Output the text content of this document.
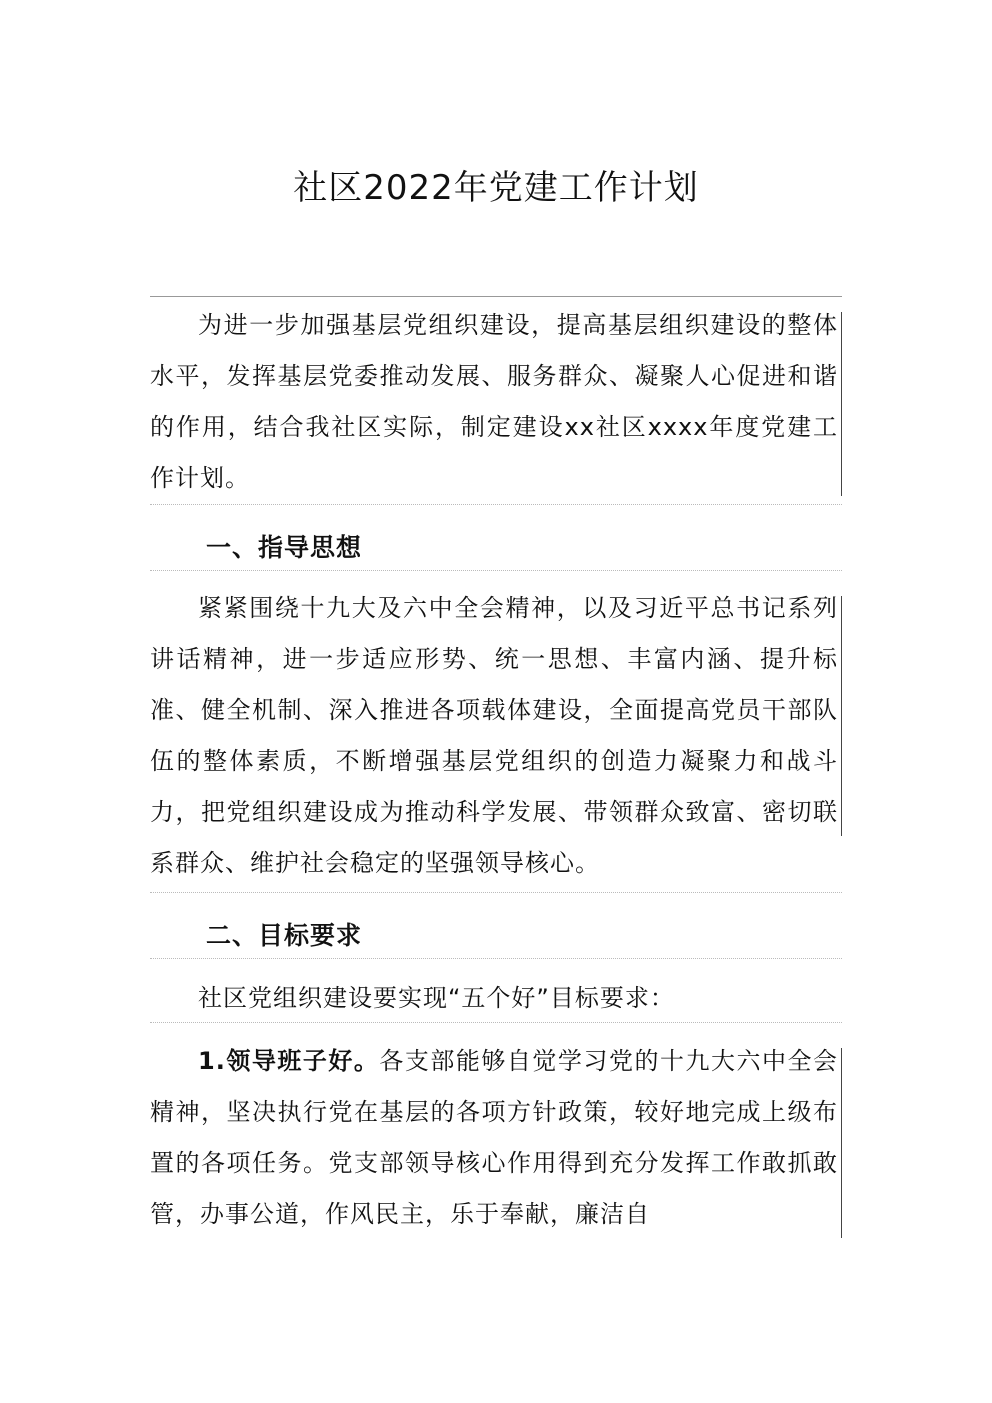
社区2022年党建工作计划
为进一步加强基层党组织建设，提高基层组织建设的整体水平，发挥基层党委推动发展、服务群众、凝聚人心促进和谐的作用，结合我社区实际，制定建设xx社区xxxx年度党建工作计划。
一、指导思想
紧紧围绕十九大及六中全会精神，以及习近平总书记系列讲话精神，进一步适应形势、统一思想、丰富内涵、提升标准、健全机制、深入推进各项载体建设，全面提高党员干部队伍的整体素质，不断增强基层党组织的创造力凝聚力和战斗力，把党组织建设成为推动科学发展、带领群众致富、密切联系群众、维护社会稳定的坚强领导核心。
二、目标要求
社区党组织建设要实现“五个好”目标要求：
1.领导班子好。各支部能够自觉学习党的十九大六中全会精神，坚决执行党在基层的各项方针政策，较好地完成上级布置的各项任务。党支部领导核心作用得到充分发挥工作敢抓敢管，办事公道，作风民主，乐于奉献，廉洁自
